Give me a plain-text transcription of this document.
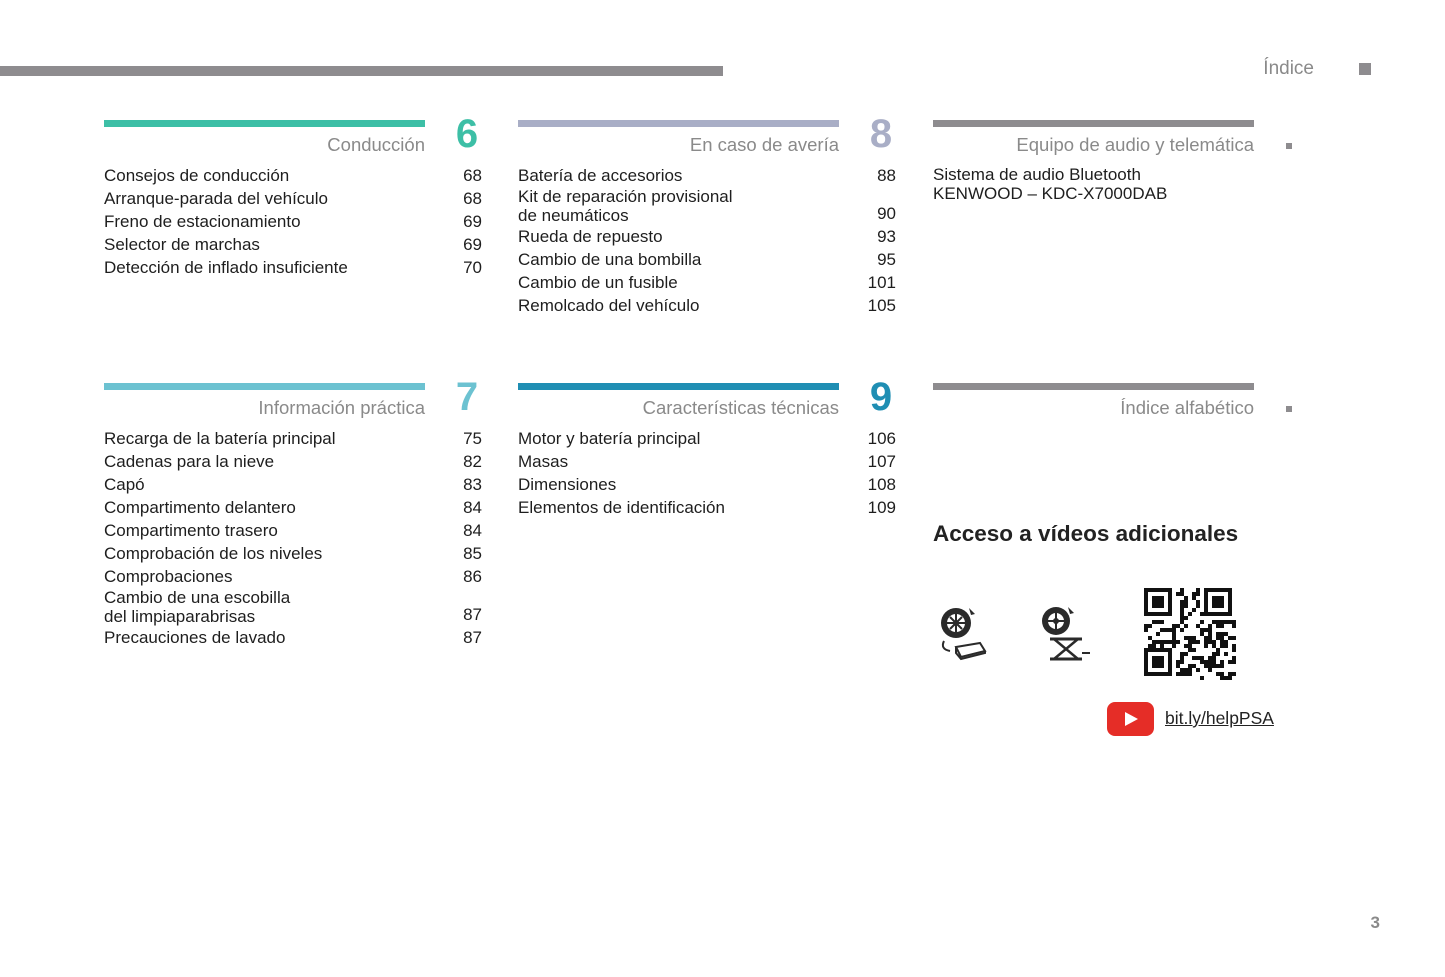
Índice
Conducción 6
Consejos de conducción	68
Arranque-parada del vehículo	68
Freno de estacionamiento	69
Selector de marchas	69
Detección de inflado insuficiente	70
En caso de avería 8
Batería de accesorios	88
Kit de reparación provisional
de neumáticos	90
Rueda de repuesto	93
Cambio de una bombilla	95
Cambio de un fusible	101
Remolcado del vehículo	105
Equipo de audio y telemática
Sistema de audio Bluetooth
KENWOOD – KDC-X7000DAB
Información práctica 7
Recarga de la batería principal	75
Cadenas para la nieve	82
Capó	83
Compartimento delantero	84
Compartimento trasero	84
Comprobación de los niveles	85
Comprobaciones	86
Cambio de una escobilla
del limpiaparabrisas	87
Precauciones de lavado	87
Características técnicas 9
Motor y batería principal	106
Masas	107
Dimensiones	108
Elementos de identificación	109
Índice alfabético
Acceso a vídeos adicionales
bit.ly/helpPSA
3
